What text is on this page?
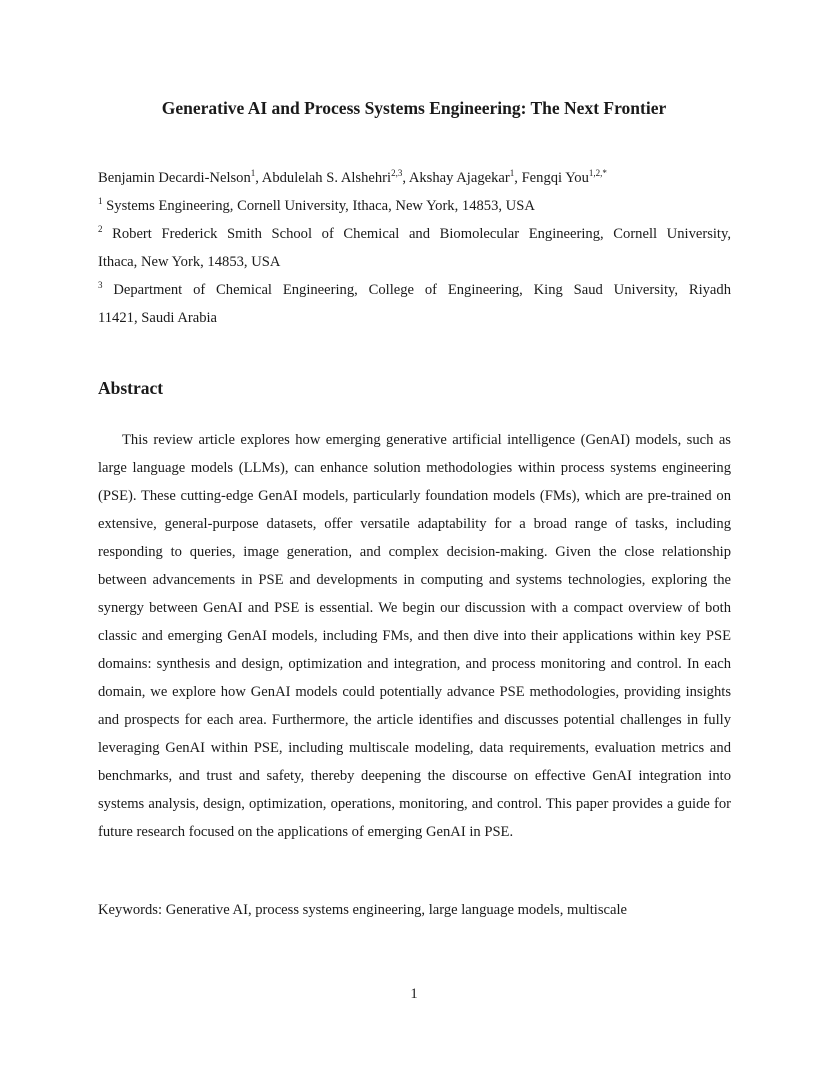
Generative AI and Process Systems Engineering: The Next Frontier
Benjamin Decardi-Nelson$^1$, Abdulelah S. Alshehri$^{2,3}$, Akshay Ajagekar$^1$, Fengqi You$^{1,2,*}$
$^1$ Systems Engineering, Cornell University, Ithaca, New York, 14853, USA
$^2$ Robert Frederick Smith School of Chemical and Biomolecular Engineering, Cornell University,
Ithaca, New York, 14853, USA
$^3$ Department of Chemical Engineering, College of Engineering, King Saud University, Riyadh
11421, Saudi Arabia
Abstract

This review article explores how emerging generative artificial intelligence (GenAI) models, such as large language models (LLMs), can enhance solution methodologies within process systems engineering (PSE). These cutting-edge GenAI models, particularly foundation models (FMs), which are pre-trained on extensive, general-purpose datasets, offer versatile adaptability for a broad range of tasks, including responding to queries, image generation, and complex decision-making. Given the close relationship between advancements in PSE and developments in computing and systems technologies, exploring the synergy between GenAI and PSE is essential. We begin our discussion with a compact overview of both classic and emerging GenAI models, including FMs, and then dive into their applications within key PSE domains: synthesis and design, optimization and integration, and process monitoring and control. In each domain, we explore how GenAI models could potentially advance PSE methodologies, providing insights and prospects for each area. Furthermore, the article identifies and discusses potential challenges in fully leveraging GenAI within PSE, including multiscale modeling, data requirements, evaluation metrics and benchmarks, and trust and safety, thereby deepening the discourse on effective GenAI integration into systems analysis, design, optimization, operations, monitoring, and control. This paper provides a guide for future research focused on the applications of emerging GenAI in PSE.

Keywords: Generative AI, process systems engineering, large language models, multiscale
1
